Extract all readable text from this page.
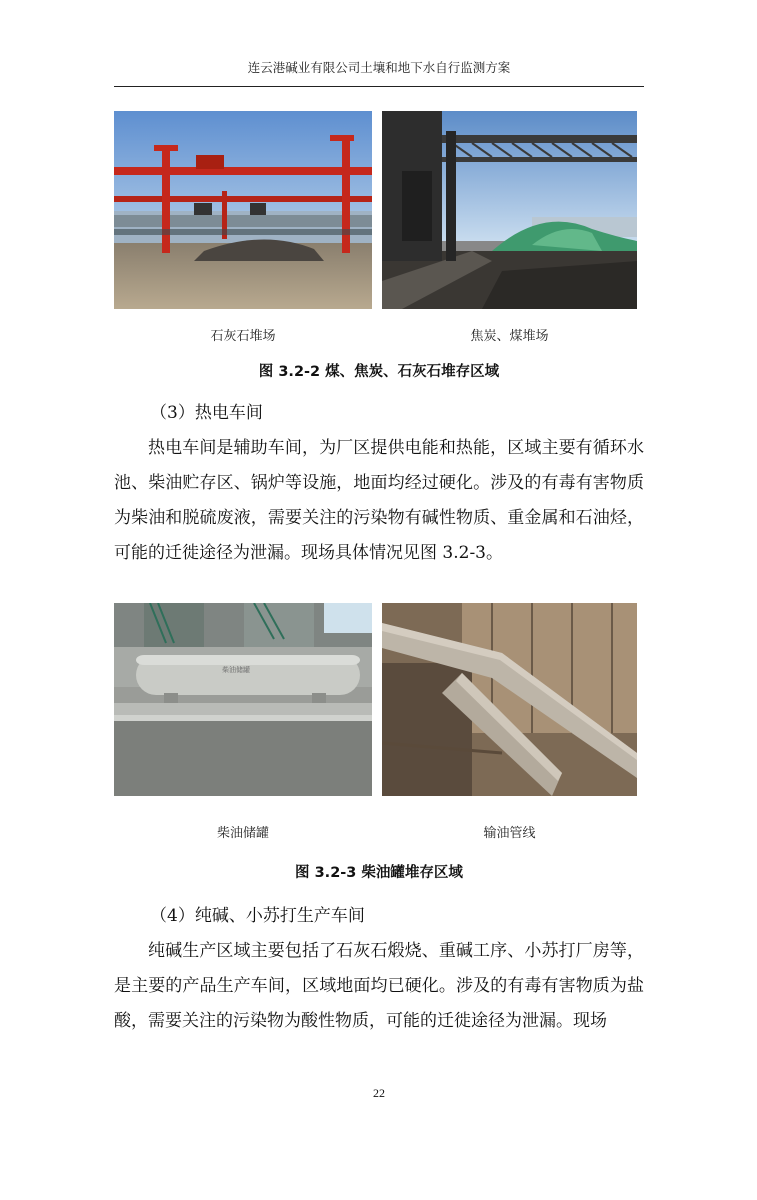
连云港碱业有限公司土壤和地下水自行监测方案
石灰石堆场	焦炭、煤堆场
图 3.2-2 煤、焦炭、石灰石堆存区域
（3）热电车间
热电车间是辅助车间，为厂区提供电能和热能，区域主要有循环水池、柴油贮存区、锅炉等设施，地面均经过硬化。涉及的有毒有害物质为柴油和脱硫废液，需要关注的污染物有碱性物质、重金属和石油烃，可能的迁徙途径为泄漏。现场具体情况见图 3.2-3。
柴油储罐
柴油储罐	输油管线
图 3.2-3 柴油罐堆存区域
（4）纯碱、小苏打生产车间
纯碱生产区域主要包括了石灰石煅烧、重碱工序、小苏打厂房等，是主要的产品生产车间，区域地面均已硬化。涉及的有毒有害物质为盐酸，需要关注的污染物为酸性物质，可能的迁徙途径为泄漏。现场
22
